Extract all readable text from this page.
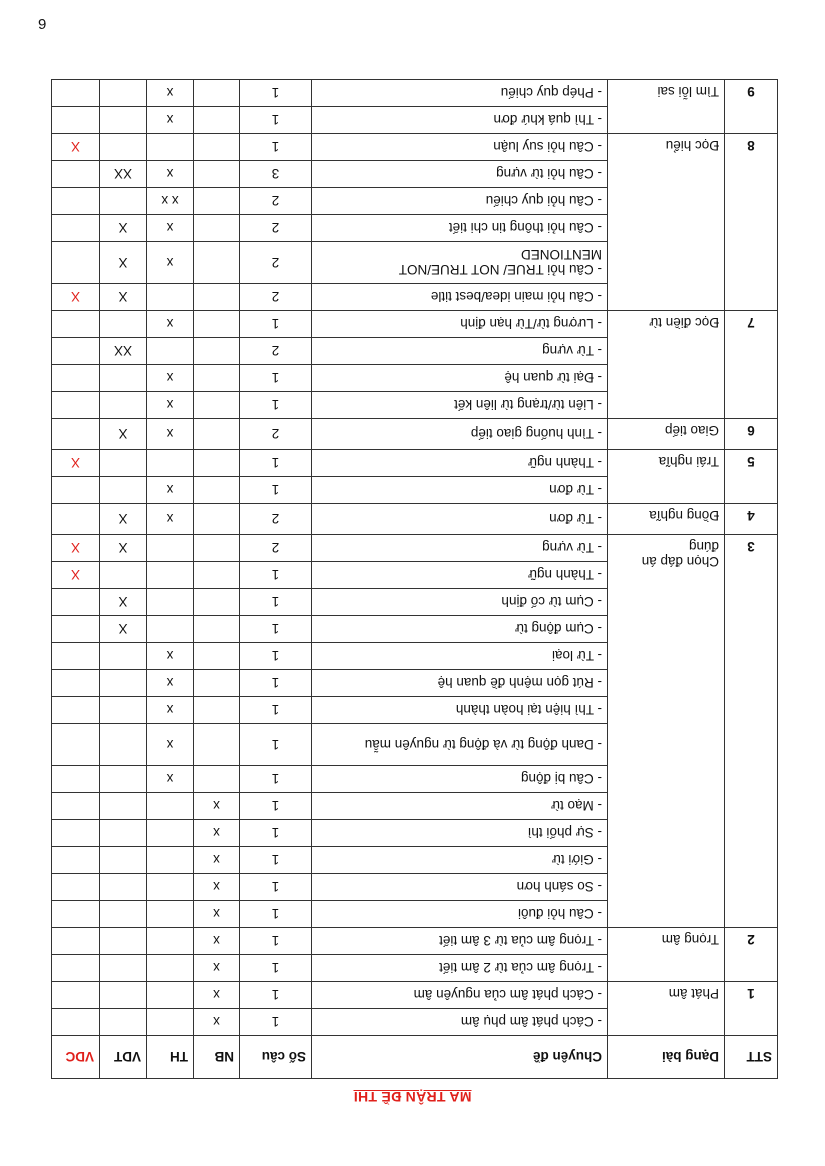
9
MA TRẬN ĐỀ THI
STT	Dạng bài	Chuyên đề	Số câu	NB	TH	VDT	VDC
1	Phát âm	- Cách phát âm phụ âm	1	x			
		- Cách phát âm của nguyên âm	1	x			
2	Trọng âm	- Trọng âm của từ 2 âm tiết	1	x			
		- Trọng âm của từ 3 âm tiết	1	x			
3	Chọn đáp án đúng	- Câu hỏi đuôi	1	x			
		- So sánh hơn	1	x			
		- Giới từ	1	x			
		- Sự phối thì	1	x			
		- Mạo từ	1	x			
		- Câu bị động	1		x		
		- Danh động từ và động từ nguyên mẫu	1		x		
		- Thì hiện tại hoàn thành	1		x		
		- Rút gọn mệnh đề quan hệ	1		x		
		- Từ loại	1		x		
		- Cụm động từ	1			X	
		- Cụm từ cố định	1			X	
		- Thành ngữ	1				X
		- Từ vựng	2			X	X
4	Đồng nghĩa	- Từ đơn	2		x	X	
5	Trái nghĩa	- Từ đơn	1		x		
		- Thành ngữ	1				X
6	Giao tiếp	- Tình huống giao tiếp	2		x	X	
7	Đọc điền từ	- Liên từ/trạng từ liên kết	1		x		
		- Đại từ quan hệ	1		x		
		- Từ vựng	2			XX	
		- Lượng từ/Từ hạn định	1		x		
8	Đọc hiểu	- Câu hỏi main idea/best title	2			X	X
		- Câu hỏi TRUE/ NOT TRUE/NOT MENTIONED	2		x	X	
		- Câu hỏi thông tin chi tiết	2		x	X	
		- Câu hỏi quy chiếu	2		x x		
		- Câu hỏi từ vựng	3		x	XX	
		- Câu hỏi suy luận	1				X
9	Tìm lỗi sai	- Thì quá khứ đơn	1		x		
		- Phép quy chiếu	1		x		
